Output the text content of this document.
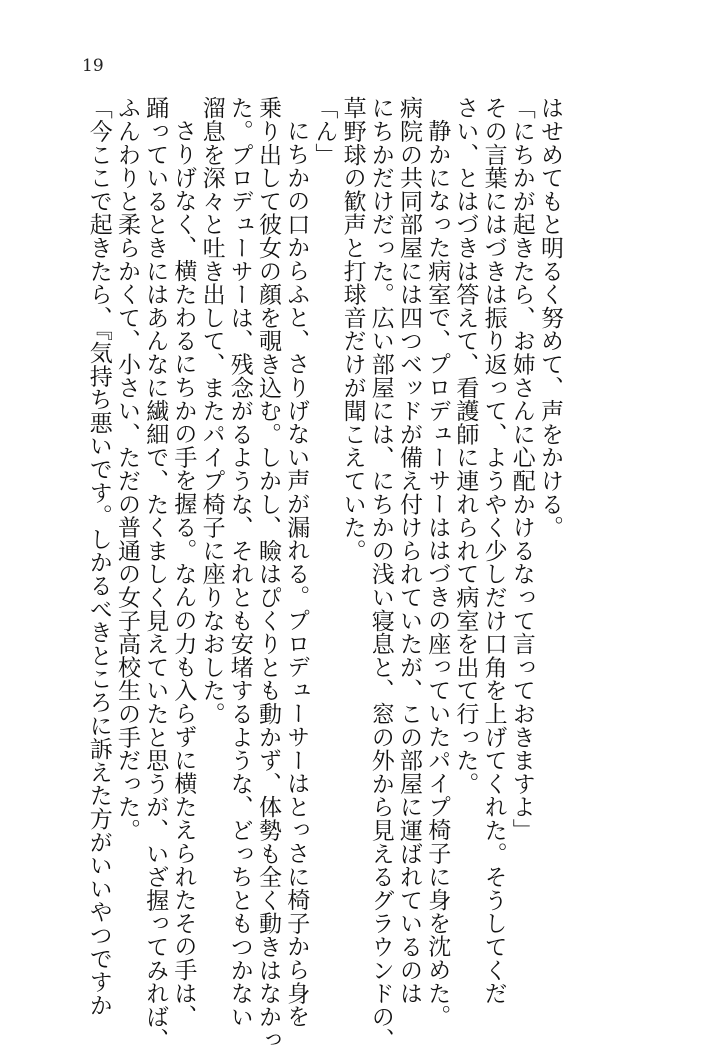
19
はせめてもと明るく努めて、声をかける。
「にちかが起きたら、お姉さんに心配かけるなって言っておきますよ」
その言葉にはづきは振り返って、ようやく少しだけ口角を上げてくれた。そうしてくだ
さい、とはづきは答えて、看護師に連れられて病室を出て行った。
静かになった病室で、プロデューサーははづきの座っていたパイプ椅子に身を沈めた。
病院の共同部屋には四つベッドが備え付けられていたが、この部屋に運ばれているのは
にちかだけだった。広い部屋には、にちかの浅い寝息と、窓の外から見えるグラウンドの、
草野球の歓声と打球音だけが聞こえていた。
「ん」
にちかの口からふと、さりげない声が漏れる。プロデューサーはとっさに椅子から身を
乗り出して彼女の顔を覗き込む。しかし、瞼はぴくりとも動かず、体勢も全く動きはなかっ
た。プロデューサーは、残念がるような、それとも安堵するような、どっちともつかない
溜息を深々と吐き出して、またパイプ椅子に座りなおした。
さりげなく、横たわるにちかの手を握る。なんの力も入らずに横たえられたその手は、
踊っているときにはあんなに繊細で、たくましく見えていたと思うが、いざ握ってみれば、
ふんわりと柔らかくて、小さい、ただの普通の女子高校生の手だった。
「今ここで起きたら、『気持ち悪いです。しかるべきところに訴えた方がいいやつですか
